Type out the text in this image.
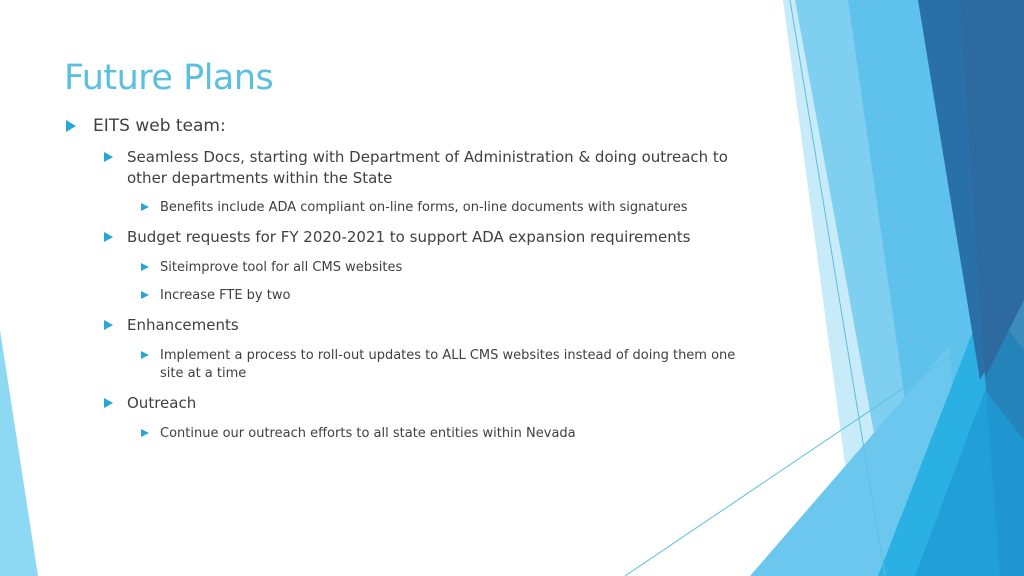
Future Plans
EITS web team:
Seamless Docs, starting with Department of Administration & doing outreach to other departments within the State
Benefits include ADA compliant on-line forms, on-line documents with signatures
Budget requests for FY 2020-2021 to support ADA expansion requirements
Siteimprove tool for all CMS websites
Increase FTE by two
Enhancements
Implement a process to roll-out updates to ALL CMS websites instead of doing them one site at a time
Outreach
Continue our outreach efforts to all state entities within Nevada
